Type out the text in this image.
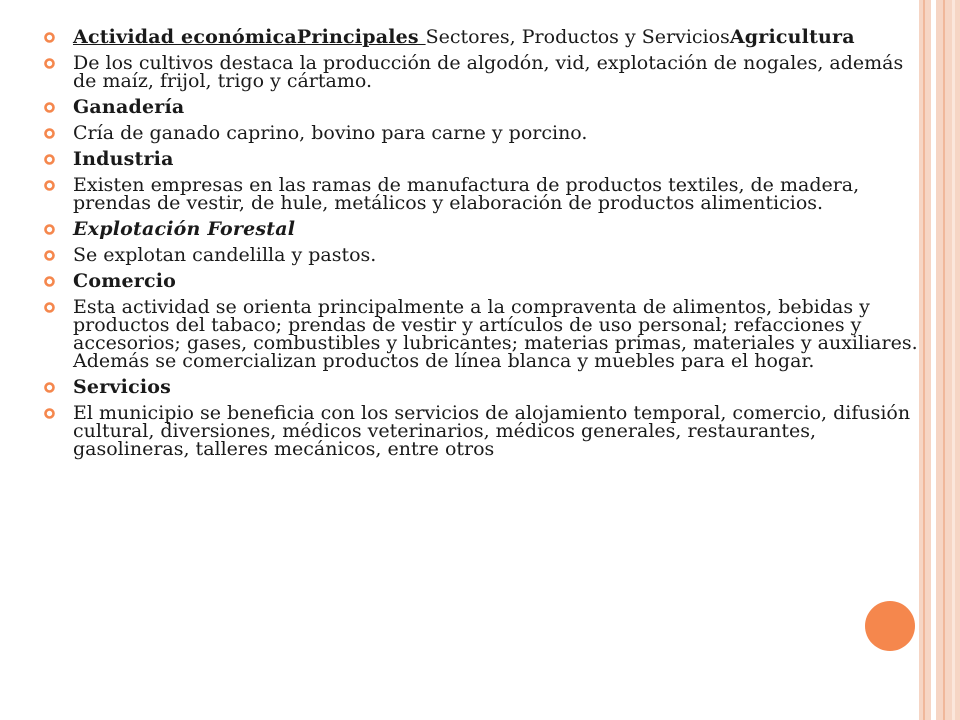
Actividad económicaPrincipales Sectores, Productos y ServiciosAgricultura
De los cultivos destaca la producción de algodón, vid, explotación de nogales, además de maíz, frijol, trigo y cártamo.
Ganadería
Cría de ganado caprino, bovino para carne y porcino.
Industria
Existen empresas en las ramas de manufactura de productos textiles, de madera, prendas de vestir, de hule, metálicos y elaboración de productos alimenticios.
Explotación Forestal
Se explotan candelilla y pastos.
Comercio
Esta actividad se orienta principalmente a la compraventa de alimentos, bebidas y productos del tabaco; prendas de vestir y artículos de uso personal; refacciones y accesorios; gases, combustibles y lubricantes; materias primas, materiales y auxiliares. Además se comercializan productos de línea blanca y muebles para el hogar.
Servicios
El municipio se beneficia con los servicios de alojamiento temporal, comercio, difusión cultural, diversiones, médicos veterinarios, médicos generales, restaurantes, gasolineras, talleres mecánicos, entre otros
